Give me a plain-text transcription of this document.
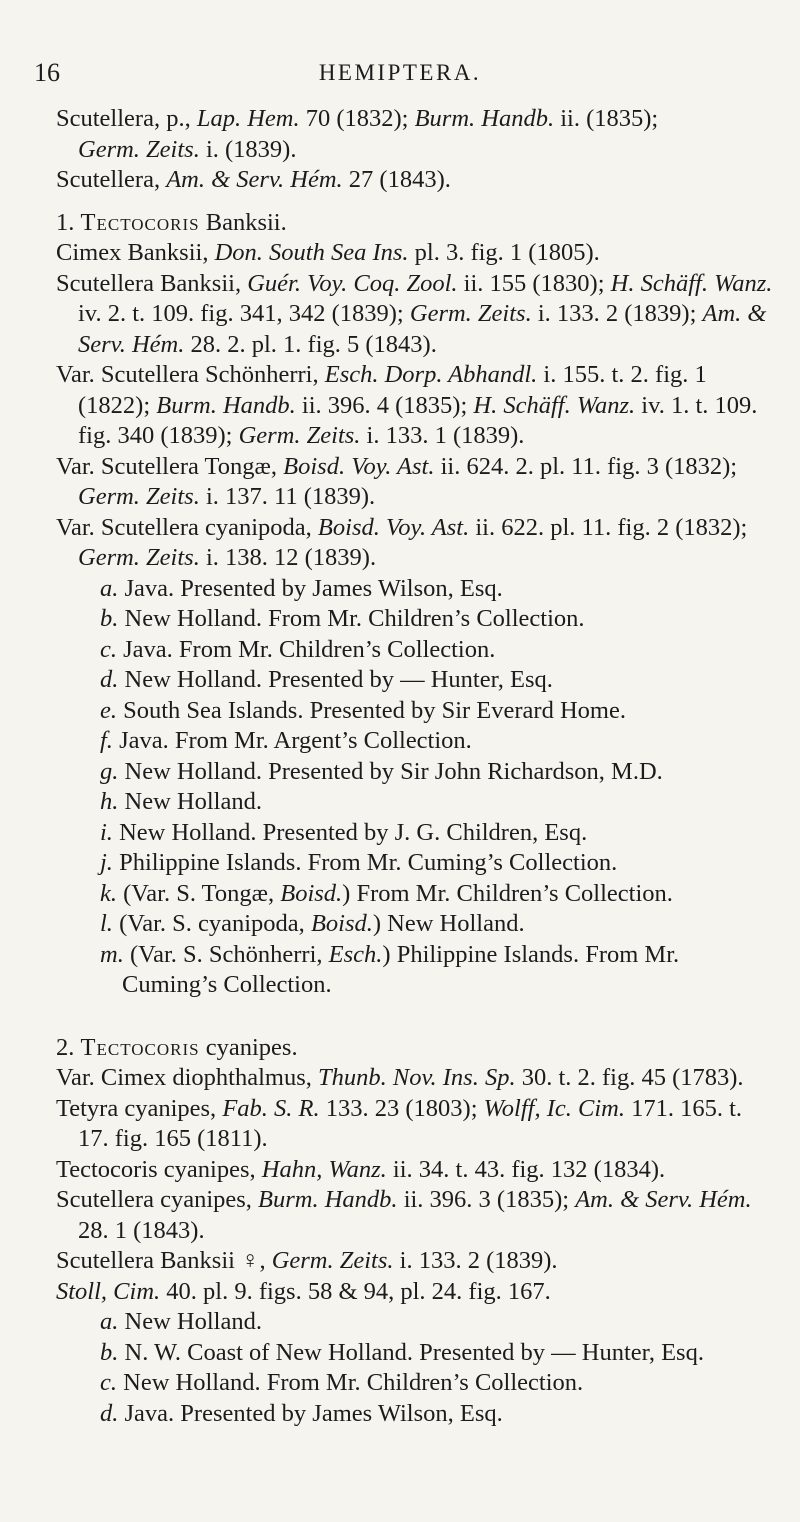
16	HEMIPTERA.

Scutellera, p., Lap. Hem. 70 (1832); Burm. Handb. ii. (1835);

Germ. Zeits. i. (1839).

Scutellera, Am. & Serv. Hém. 27 (1843).

1. Tectocoris Banksii.

Cimex Banksii, Don. South Sea Ins. pl. 3. fig. 1 (1805).

Scutellera Banksii, Guér. Voy. Coq. Zool. ii. 155 (1830); H. Schäff. Wanz. iv. 2. t. 109. fig. 341, 342 (1839); Germ. Zeits. i. 133. 2 (1839); Am. & Serv. Hém. 28. 2. pl. 1. fig. 5 (1843).

Var. Scutellera Schönherri, Esch. Dorp. Abhandl. i. 155. t. 2. fig. 1 (1822); Burm. Handb. ii. 396. 4 (1835); H. Schäff. Wanz. iv. 1. t. 109. fig. 340 (1839); Germ. Zeits. i. 133. 1 (1839).

Var. Scutellera Tongæ, Boisd. Voy. Ast. ii. 624. 2. pl. 11. fig. 3 (1832); Germ. Zeits. i. 137. 11 (1839).

Var. Scutellera cyanipoda, Boisd. Voy. Ast. ii. 622. pl. 11. fig. 2 (1832); Germ. Zeits. i. 138. 12 (1839).

a. Java. Presented by James Wilson, Esq.

b. New Holland. From Mr. Children’s Collection.

c. Java. From Mr. Children’s Collection.

d. New Holland. Presented by — Hunter, Esq.

e. South Sea Islands. Presented by Sir Everard Home.

f. Java. From Mr. Argent’s Collection.

g. New Holland. Presented by Sir John Richardson, M.D.

h. New Holland.

i. New Holland. Presented by J. G. Children, Esq.

j. Philippine Islands. From Mr. Cuming’s Collection.

k. (Var. S. Tongæ, Boisd.) From Mr. Children’s Collection.

l. (Var. S. cyanipoda, Boisd.) New Holland.

m. (Var. S. Schönherri, Esch.) Philippine Islands. From Mr. Cuming’s Collection.

2. Tectocoris cyanipes.

Var. Cimex diophthalmus, Thunb. Nov. Ins. Sp. 30. t. 2. fig. 45 (1783).

Tetyra cyanipes, Fab. S. R. 133. 23 (1803); Wolff, Ic. Cim. 171. 165. t. 17. fig. 165 (1811).

Tectocoris cyanipes, Hahn, Wanz. ii. 34. t. 43. fig. 132 (1834).

Scutellera cyanipes, Burm. Handb. ii. 396. 3 (1835); Am. & Serv. Hém. 28. 1 (1843).

Scutellera Banksii ♀, Germ. Zeits. i. 133. 2 (1839).

Stoll, Cim. 40. pl. 9. figs. 58 & 94, pl. 24. fig. 167.

a. New Holland.

b. N. W. Coast of New Holland. Presented by — Hunter, Esq.

c. New Holland. From Mr. Children’s Collection.

d. Java. Presented by James Wilson, Esq.
